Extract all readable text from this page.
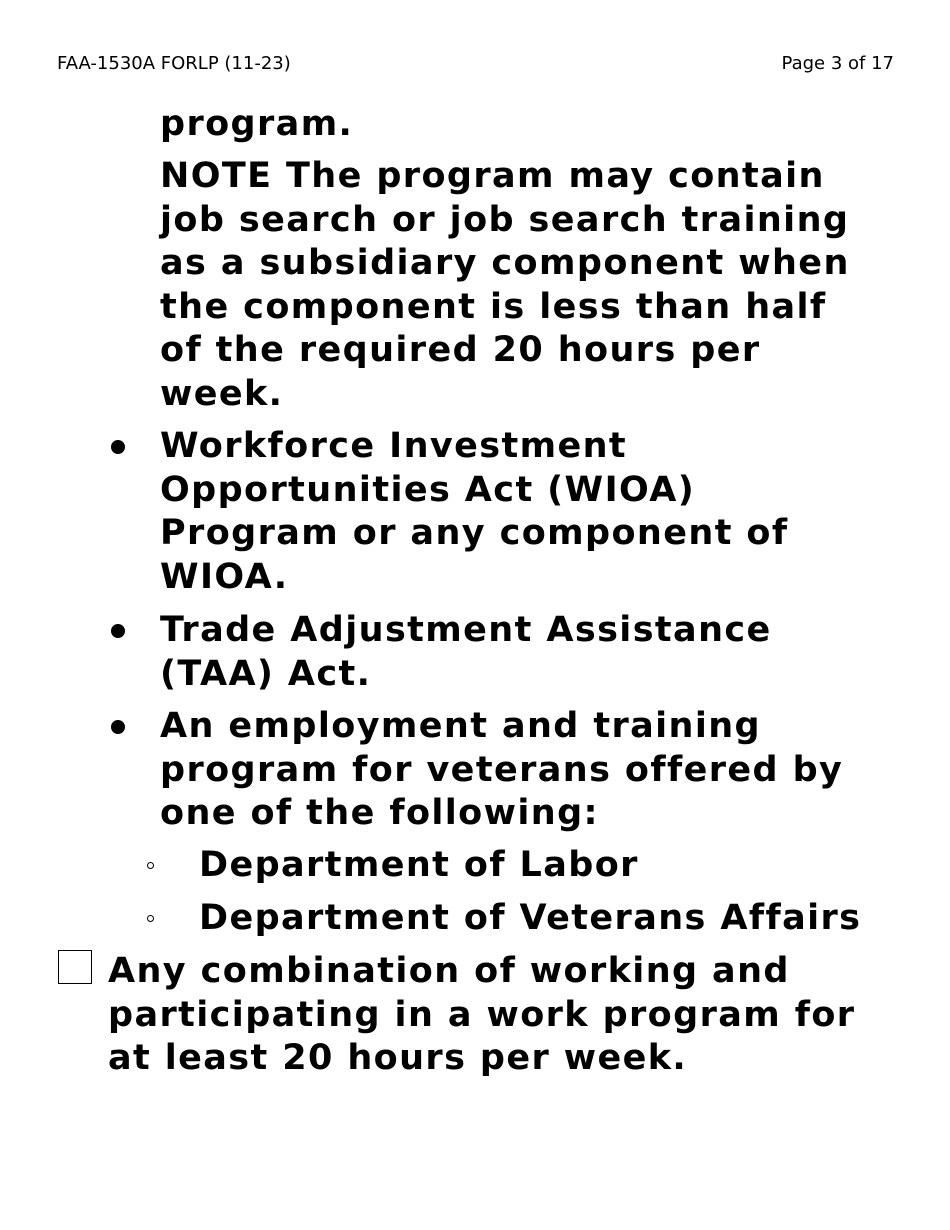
FAA-1530A FORLP (11-23)	Page 3 of 17
program.
NOTE The program may contain
job search or job search training
as a subsidiary component when
the component is less than half
of the required 20 hours per
week.
Workforce Investment
Opportunities Act (WIOA)
Program or any component of
WIOA.
Trade Adjustment Assistance
(TAA) Act.
An employment and training
program for veterans offered by
one of the following:
Department of Labor
Department of Veterans Affairs
Any combination of working and
participating in a work program for
at least 20 hours per week.
